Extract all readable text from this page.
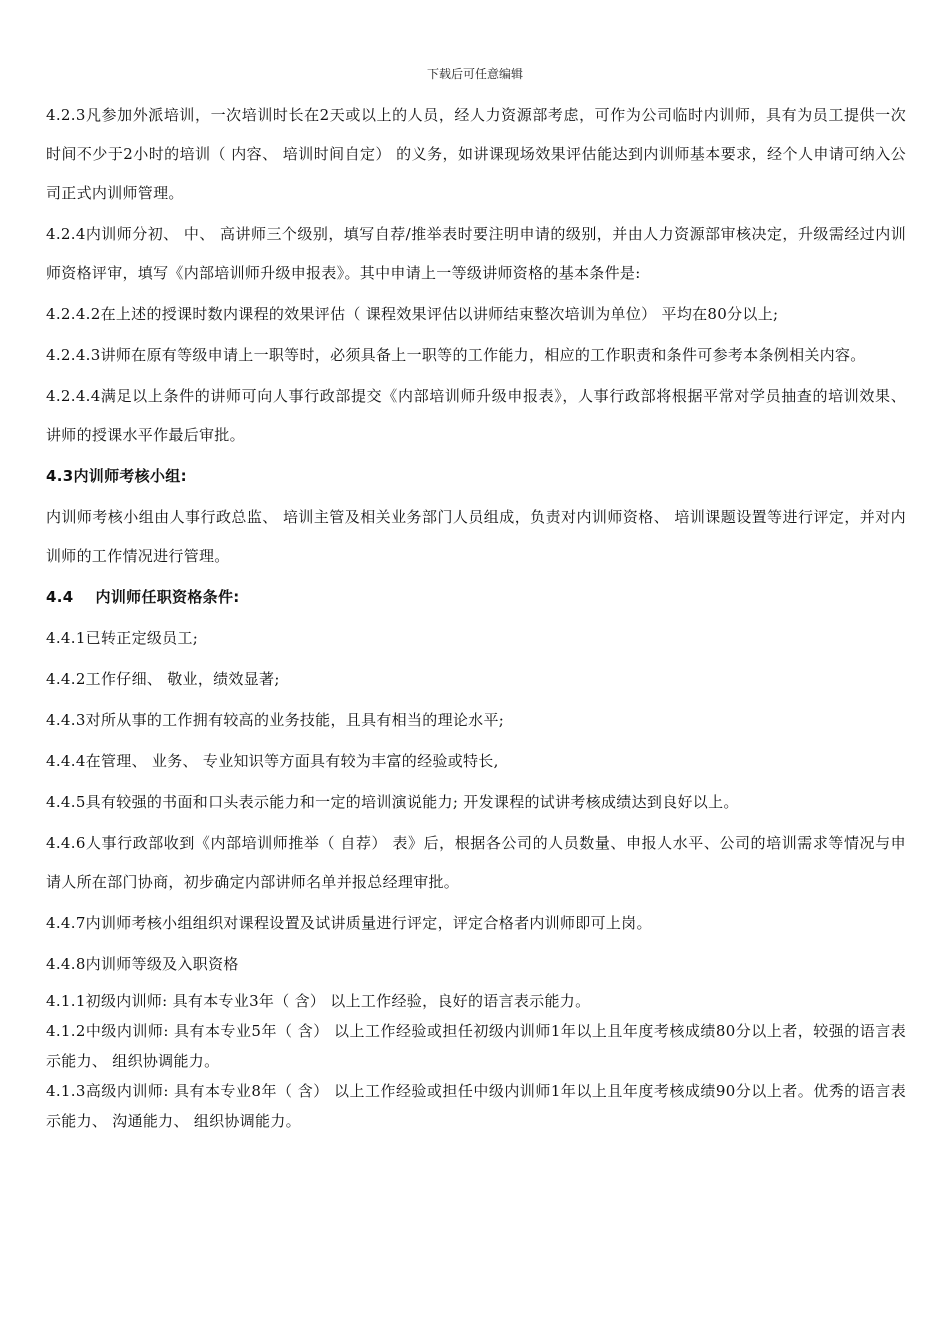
下载后可任意编辑

4.2.3凡参加外派培训，一次培训时长在2天或以上的人员，经人力资源部考虑，可作为公司临时内训师，具有为员工提供一次时间不少于2小时的培训（ 内容、 培训时间自定） 的义务，如讲课现场效果评估能达到内训师基本要求，经个人申请可纳入公司正式内训师管理。

4.2.4内训师分初、 中、 高讲师三个级别，填写自荐/推举表时要注明申请的级别，并由人力资源部审核决定，升级需经过内训师资格评审，填写《内部培训师升级申报表》。其中申请上一等级讲师资格的基本条件是:

4.2.4.2在上述的授课时数内课程的效果评估（ 课程效果评估以讲师结束整次培训为单位） 平均在80分以上;

4.2.4.3讲师在原有等级申请上一职等时，必须具备上一职等的工作能力，相应的工作职责和条件可参考本条例相关内容。

4.2.4.4满足以上条件的讲师可向人事行政部提交《内部培训师升级申报表》，人事行政部将根据平常对学员抽查的培训效果、 讲师的授课水平作最后审批。

4.3内训师考核小组:

内训师考核小组由人事行政总监、 培训主管及相关业务部门人员组成，负责对内训师资格、 培训课题设置等进行评定，并对内训师的工作情况进行管理。

4.4    内训师任职资格条件:

4.4.1已转正定级员工;

4.4.2工作仔细、 敬业，绩效显著;

4.4.3对所从事的工作拥有较高的业务技能，且具有相当的理论水平;

4.4.4在管理、 业务、 专业知识等方面具有较为丰富的经验或特长,

4.4.5具有较强的书面和口头表示能力和一定的培训演说能力; 开发课程的试讲考核成绩达到良好以上。

4.4.6人事行政部收到《内部培训师推举（ 自荐） 表》后，根据各公司的人员数量、申报人水平、公司的培训需求等情况与申请人所在部门协商，初步确定内部讲师名单并报总经理审批。

4.4.7内训师考核小组组织对课程设置及试讲质量进行评定，评定合格者内训师即可上岗。

4.4.8内训师等级及入职资格

4.1.1初级内训师: 具有本专业3年（ 含） 以上工作经验，良好的语言表示能力。

4.1.2中级内训师: 具有本专业5年（ 含） 以上工作经验或担任初级内训师1年以上且年度考核成绩80分以上者，较强的语言表示能力、 组织协调能力。

4.1.3高级内训师: 具有本专业8年（ 含） 以上工作经验或担任中级内训师1年以上且年度考核成绩90分以上者。优秀的语言表示能力、 沟通能力、 组织协调能力。
